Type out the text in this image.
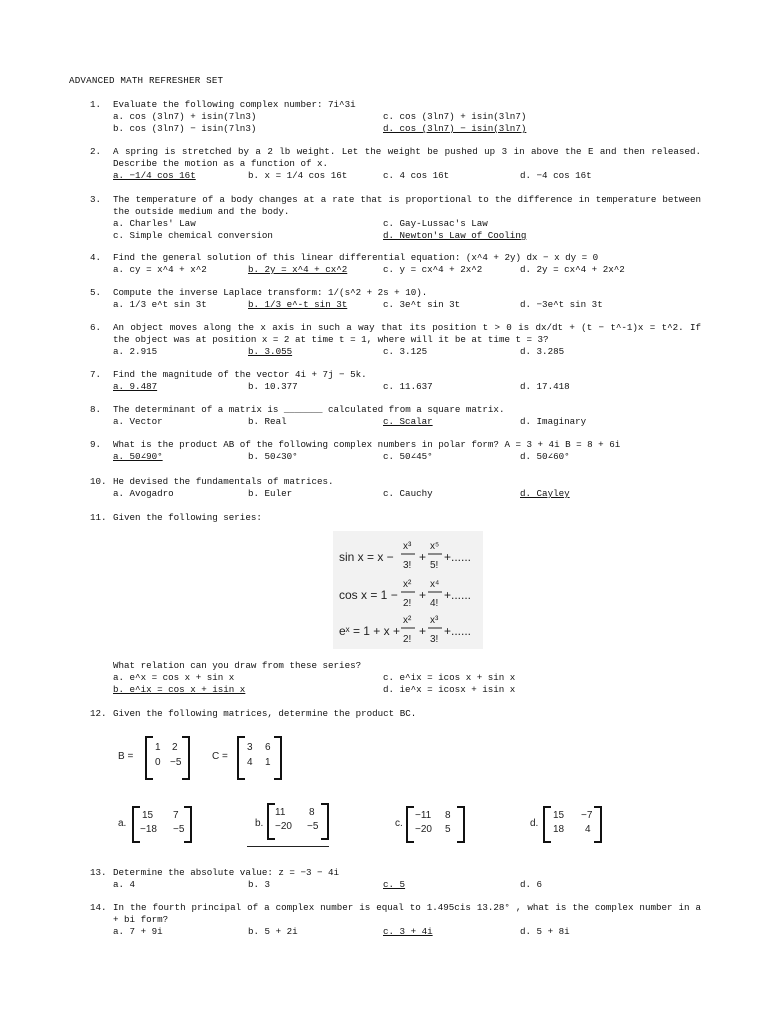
ADVANCED MATH REFRESHER SET

1.

Evaluate the following complex number: 7i^3i

a. cos (3ln7) + isin(7ln3)

	c. cos (3ln7) + isin(3ln7)

b. cos (3ln7) − isin(7ln3)

	d. cos (3ln7) − isin(3ln7)

2.

A spring is stretched by a 2 lb weight. Let the weight be pushed up 3 in above the E and then released. Describe the motion as a function of x.

a. −1/4 cos 16t

	b. x = 1/4 cos 16t

	c. 4 cos 16t

	d. −4 cos 16t

3.

The temperature of a body changes at a rate that is proportional to the difference in temperature between the outside medium and the body.

a. Charles' Law

	c. Gay-Lussac's Law

c. Simple chemical conversion

	d. Newton's Law of Cooling

4.

Find the general solution of this linear differential equation: (x^4 + 2y) dx − x dy = 0

a. cy = x^4 + x^2

	b. 2y = x^4 + cx^2

	c. y = cx^4 + 2x^2

	d. 2y = cx^4 + 2x^2

5.

Compute the inverse Laplace transform: 1/(s^2 + 2s + 10).

a. 1/3 e^t sin 3t

	b. 1/3 e^-t sin 3t

	c. 3e^t sin 3t

	d. −3e^t sin 3t

6.

An object moves along the x axis in such a way that its position t > 0 is dx/dt + (t − t^-1)x = t^2. If the object was at position x = 2 at time t = 1, where will it be at time t = 3?

a. 2.915

	b. 3.055

	c. 3.125

	d. 3.285

7.

Find the magnitude of the vector 4i + 7j − 5k.

a. 9.487

	b. 10.377

	c. 11.637

	d. 17.418

8.

The determinant of a matrix is _______ calculated from a square matrix.

a. Vector

	b. Real

	c. Scalar

	d. Imaginary

9.

What is the product AB of the following complex numbers in polar form? A = 3 + 4i B = 8 + 6i

a. 50∠90°

	b. 50∠30°

	c. 50∠45°

	d. 50∠60°

10.

He devised the fundamentals of matrices.

a. Avogadro

	b. Euler

	c. Cauchy

	d. Cayley

11.

Given the following series:

sin x = x −
x³
3!
+
x⁵
5!
+......
cos x = 1 −
x²
2!
+
x⁴
4!
+......
eˣ = 1 + x +
x²
2!
+
x³
3!
+......
What relation can you draw from these series?
a. e^x = cos x + sin x	c. e^ix = icos x + sin x
b. e^ix = cos x + isin x	d. ie^x = icosx + isin x

12.

Given the following matrices, determine the product BC.

B =
1 2
0 −5
C =
3 6
4 1
a.
15 7
−18 −5
b.
11 8
−20 −5	c.
−11 8
−20 5
d.
15 −7
18 4

13.

Determine the absolute value: z = −3 − 4i

a. 4

	b. 3

	c. 5

	d. 6

14.

In the fourth principal of a complex number is equal to 1.495cis 13.28° , what is the complex number in a + bi form?

a. 7 + 9i

	b. 5 + 2i

	c. 3 + 4i

	d. 5 + 8i
